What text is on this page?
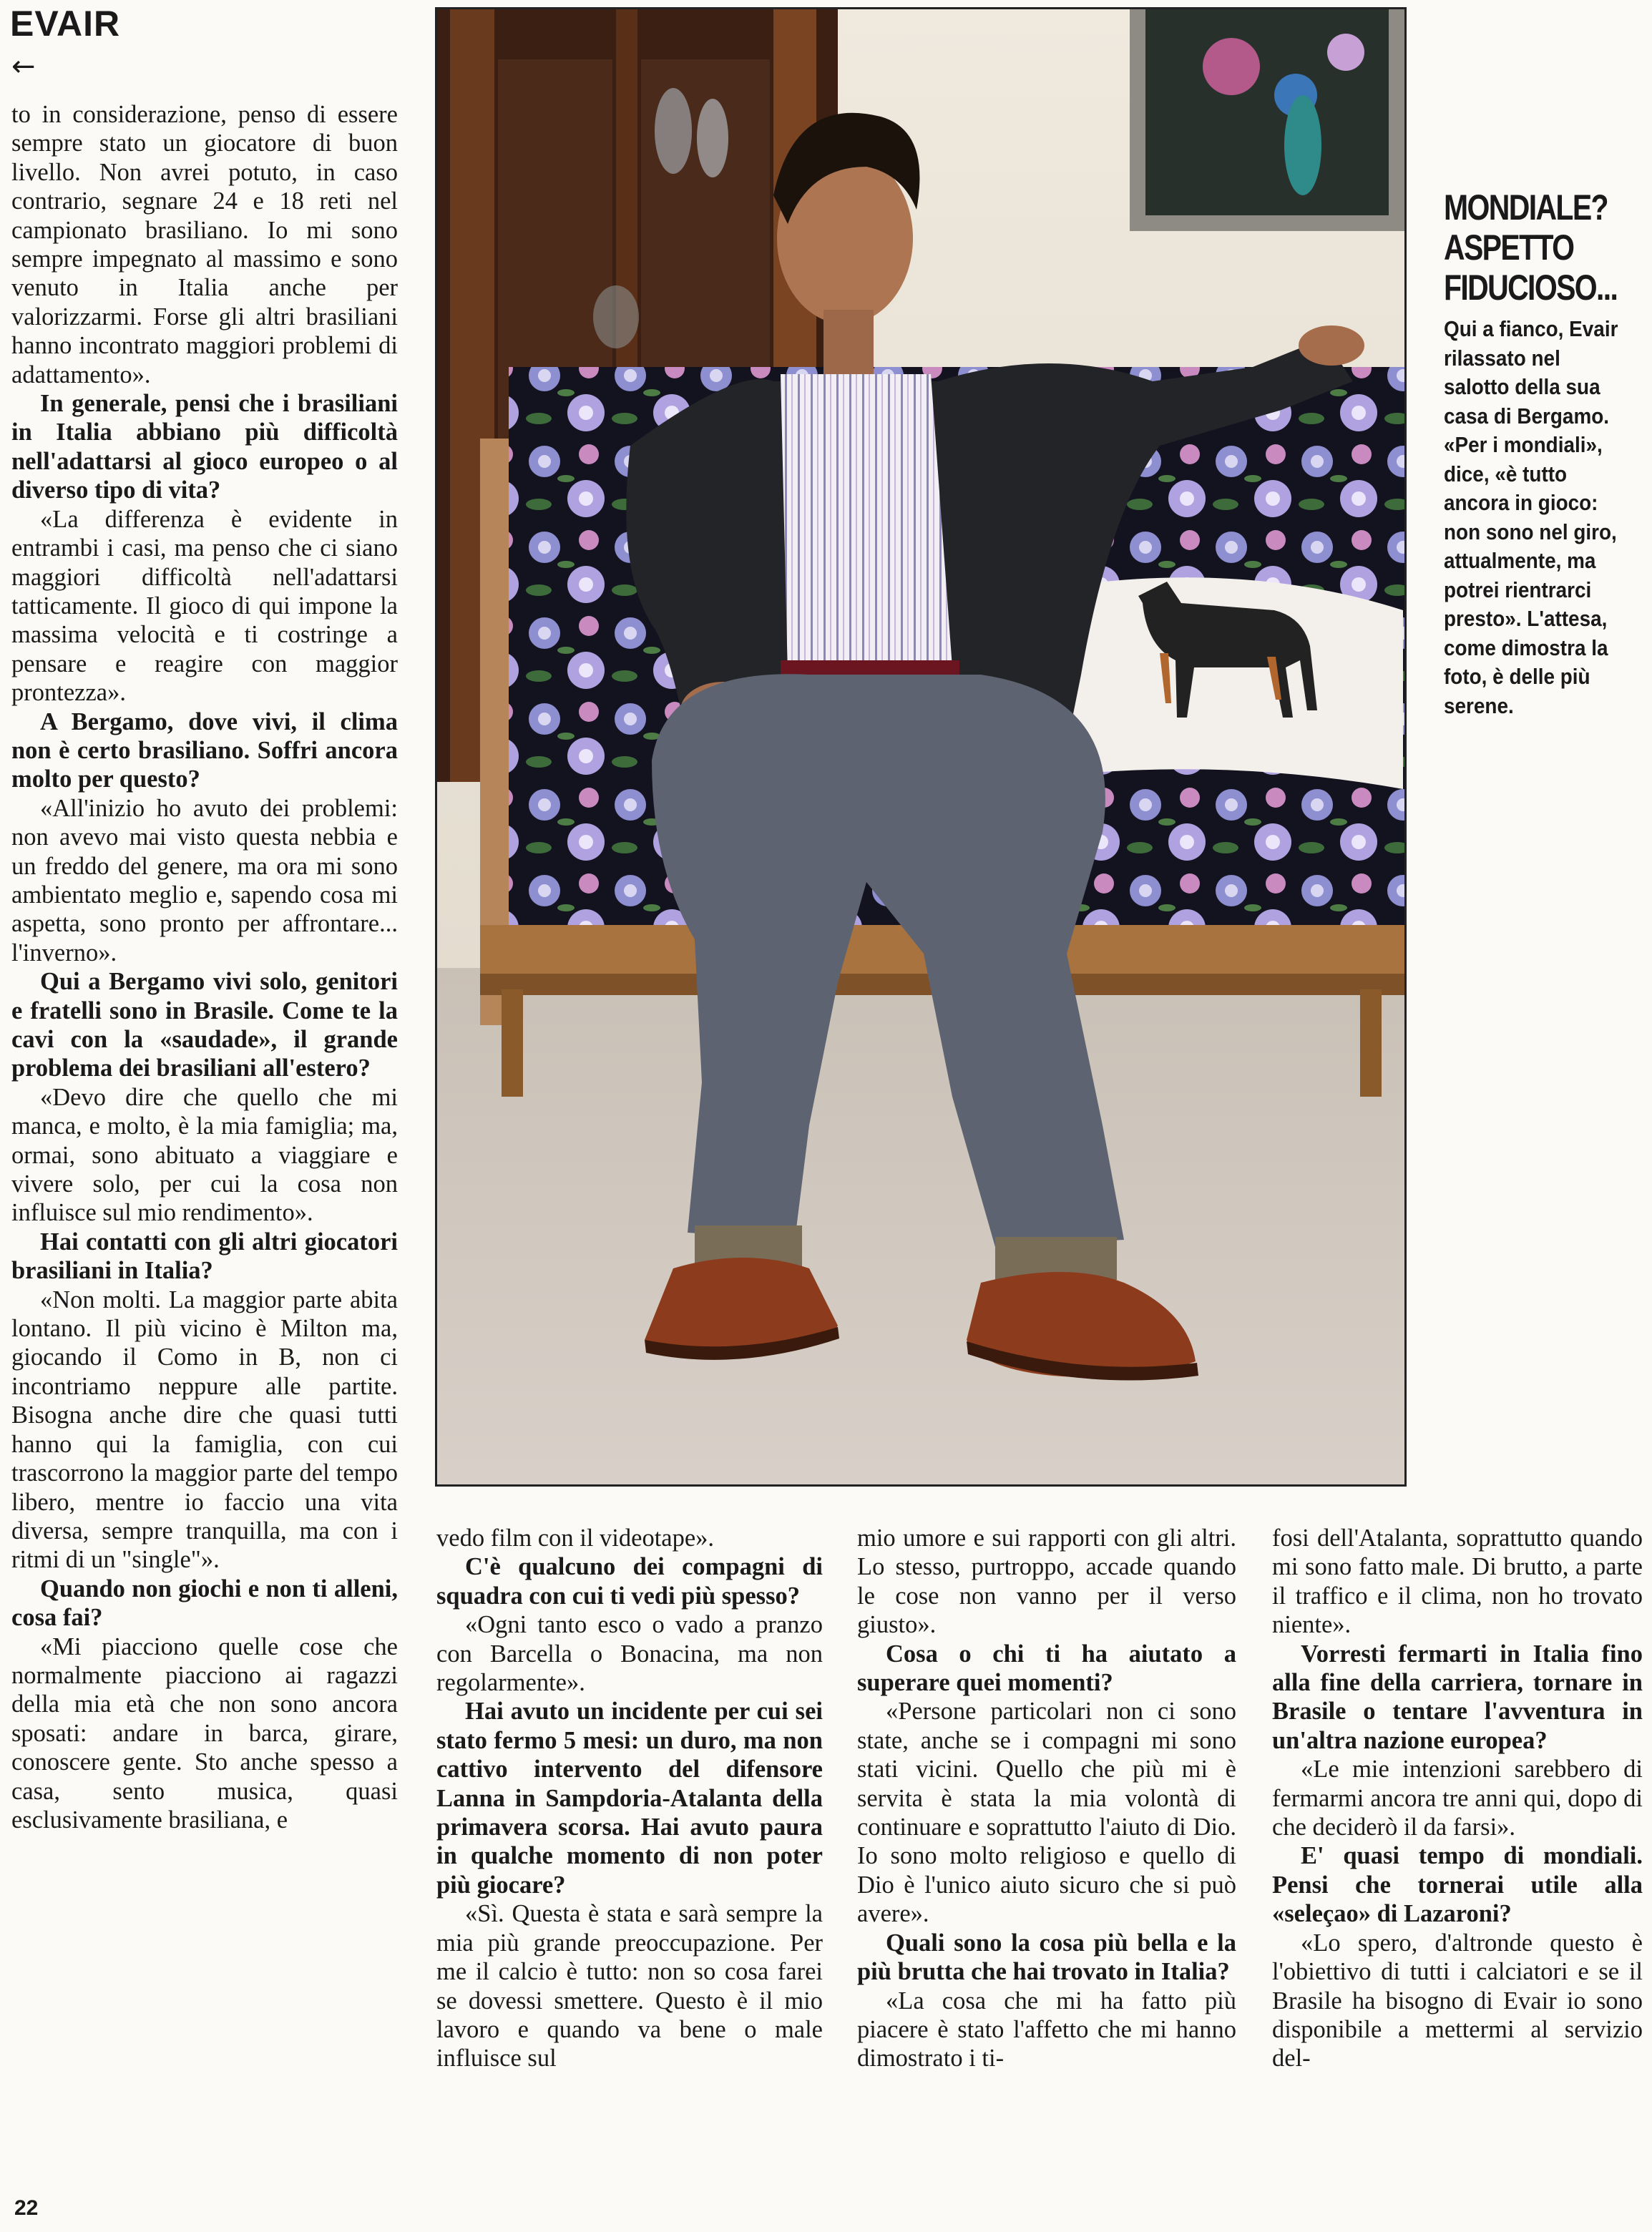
EVAIR
←

to in considerazione, penso di essere sempre stato un giocatore di buon livello. Non avrei potuto, in caso contrario, segnare 24 e 18 reti nel campionato brasiliano. Io mi sono sempre impegnato al massimo e sono venuto in Italia anche per valorizzarmi. Forse gli altri brasiliani hanno incontrato maggiori problemi di adattamento».

In generale, pensi che i brasiliani in Italia abbiano più difficoltà nell'adattarsi al gioco europeo o al diverso tipo di vita?

«La differenza è evidente in entrambi i casi, ma penso che ci siano maggiori difficoltà nell'adattarsi tatticamente. Il gioco di qui impone la massima velocità e ti costringe a pensare e reagire con maggior prontezza».

A Bergamo, dove vivi, il clima non è certo brasiliano. Soffri ancora molto per questo?

«All'inizio ho avuto dei problemi: non avevo mai visto questa nebbia e un freddo del genere, ma ora mi sono ambientato meglio e, sapendo cosa mi aspetta, sono pronto per affrontare... l'inverno».

Qui a Bergamo vivi solo, genitori e fratelli sono in Brasile. Come te la cavi con la «saudade», il grande problema dei brasiliani all'estero?

«Devo dire che quello che mi manca, e molto, è la mia famiglia; ma, ormai, sono abituato a viaggiare e vivere solo, per cui la cosa non influisce sul mio rendimento».

Hai contatti con gli altri giocatori brasiliani in Italia?

«Non molti. La maggior parte abita lontano. Il più vicino è Milton ma, giocando il Como in B, non ci incontriamo neppure alle partite. Bisogna anche dire che quasi tutti hanno qui la famiglia, con cui trascorrono la maggior parte del tempo libero, mentre io faccio una vita diversa, sempre tranquilla, ma con i ritmi di un "single"».

Quando non giochi e non ti alleni, cosa fai?

«Mi piacciono quelle cose che normalmente piacciono ai ragazzi della mia età che non sono ancora sposati: andare in barca, girare, conoscere gente. Sto anche spesso a casa, sento musica, quasi esclusivamente brasiliana, e

MONDIALE?
ASPETTO
FIDUCIOSO...
Qui a fianco, Evair rilassato nel salotto della sua casa di Bergamo. «Per i mondiali», dice, «è tutto ancora in gioco: non sono nel giro, attualmente, ma potrei rientrarci presto». L'attesa, come dimostra la foto, è delle più serene.

vedo film con il videotape».

C'è qualcuno dei compagni di squadra con cui ti vedi più spesso?

«Ogni tanto esco o vado a pranzo con Barcella o Bonacina, ma non regolarmente».

Hai avuto un incidente per cui sei stato fermo 5 mesi: un duro, ma non cattivo intervento del difensore Lanna in Sampdoria-Atalanta della primavera scorsa. Hai avuto paura in qualche momento di non poter più giocare?

«Sì. Questa è stata e sarà sempre la mia più grande preoccupazione. Per me il calcio è tutto: non so cosa farei se dovessi smettere. Questo è il mio lavoro e quando va bene o male influisce sul

mio umore e sui rapporti con gli altri. Lo stesso, purtroppo, accade quando le cose non vanno per il verso giusto».

Cosa o chi ti ha aiutato a superare quei momenti?

«Persone particolari non ci sono state, anche se i compagni mi sono stati vicini. Quello che più mi è servita è stata la mia volontà di continuare e soprattutto l'aiuto di Dio. Io sono molto religioso e quello di Dio è l'unico aiuto sicuro che si può avere».

Quali sono la cosa più bella e la più brutta che hai trovato in Italia?

«La cosa che mi ha fatto più piacere è stato l'affetto che mi hanno dimostrato i ti-

fosi dell'Atalanta, soprattutto quando mi sono fatto male. Di brutto, a parte il traffico e il clima, non ho trovato niente».

Vorresti fermarti in Italia fino alla fine della carriera, tornare in Brasile o tentare l'avventura in un'altra nazione europea?

«Le mie intenzioni sarebbero di fermarmi ancora tre anni qui, dopo di che deciderò il da farsi».

E' quasi tempo di mondiali. Pensi che tornerai utile alla «seleçao» di Lazaroni?

«Lo spero, d'altronde questo è l'obiettivo di tutti i calciatori e se il Brasile ha bisogno di Evair io sono disponibile a mettermi al servizio del-

22
